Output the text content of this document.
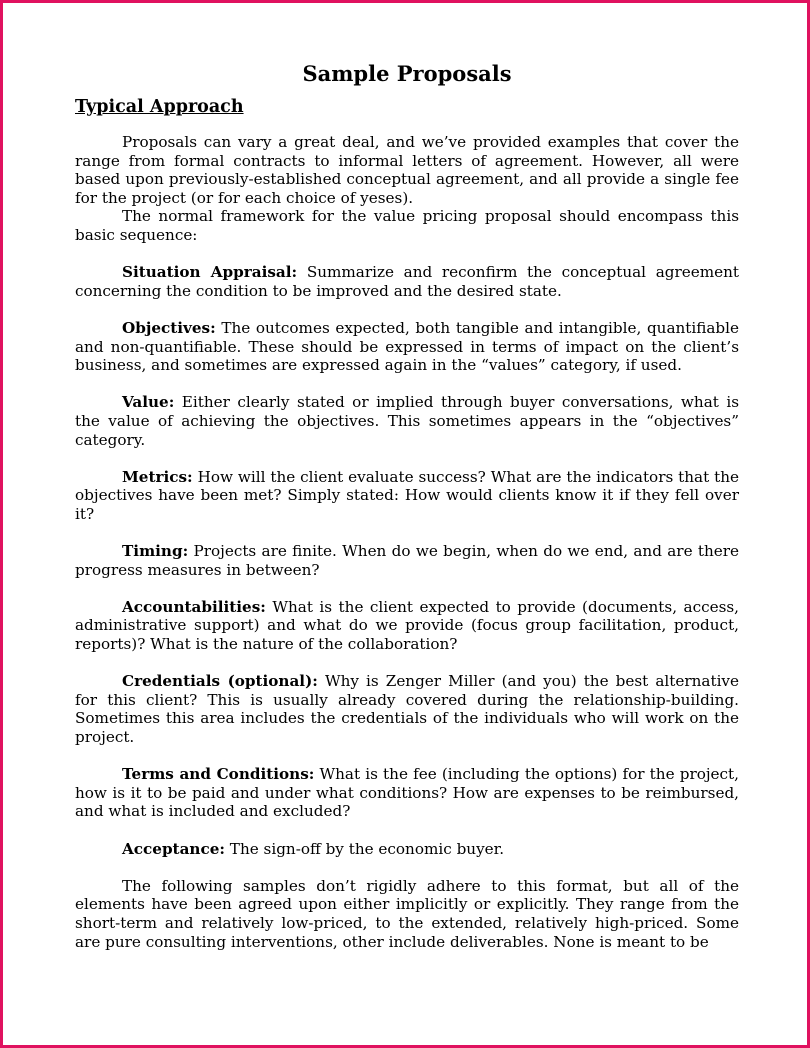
Sample Proposals
Typical Approach

Proposals can vary a great deal, and we’ve provided examples that cover the range from formal contracts to informal letters of agreement. However, all were based upon previously-established conceptual agreement, and all provide a single fee for the project (or for each choice of yeses).

The normal framework for the value pricing proposal should encompass this basic sequence:

Situation Appraisal: Summarize and reconfirm the conceptual agreement concerning the condition to be improved and the desired state.

Objectives: The outcomes expected, both tangible and intangible, quantifiable and non-quantifiable. These should be expressed in terms of impact on the client’s business, and sometimes are expressed again in the “values” category, if used.

Value: Either clearly stated or implied through buyer conversations, what is the value of achieving the objectives. This sometimes appears in the “objectives” category.

Metrics: How will the client evaluate success? What are the indicators that the objectives have been met? Simply stated: How would clients know it if they fell over it?

Timing: Projects are finite. When do we begin, when do we end, and are there progress measures in between?

Accountabilities: What is the client expected to provide (documents, access, administrative support) and what do we provide (focus group facilitation, product, reports)? What is the nature of the collaboration?

Credentials (optional): Why is Zenger Miller (and you) the best alternative for this client? This is usually already covered during the relationship-building. Sometimes this area includes the credentials of the individuals who will work on the project.

Terms and Conditions: What is the fee (including the options) for the project, how is it to be paid and under what conditions? How are expenses to be reimbursed, and what is included and excluded?

Acceptance: The sign-off by the economic buyer.

The following samples don’t rigidly adhere to this format, but all of the elements have been agreed upon either implicitly or explicitly. They range from the short-term and relatively low-priced, to the extended, relatively high-priced. Some are pure consulting interventions, other include deliverables. None is meant to be
